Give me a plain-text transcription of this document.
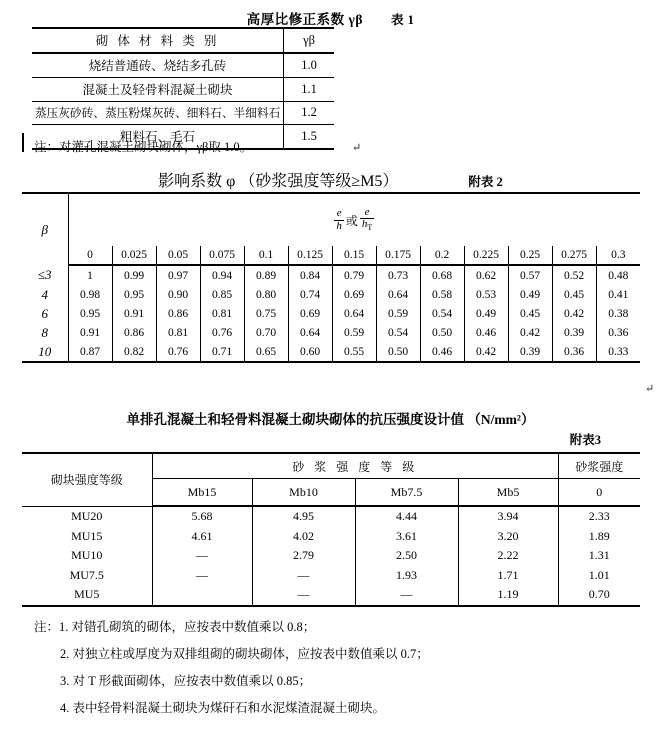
高厚比修正系数 γβ 表 1
砌 体 材 料 类 别	γβ
烧结普通砖、烧结多孔砖	1.0
混凝土及轻骨料混凝土砌块	1.1
蒸压灰砂砖、蒸压粉煤灰砖、细料石、半细料石	1.2
粗料石、毛石	1.5
注：对灌孔混凝土砌块砌体，γβ取 1.0。	↵
影响系数 φ （砂浆强度等级≥M5）	附表 2
β	$\frac{e}{h}$ 或 $\frac{e}{h_T}$

	0	0.025	0.05	0.075	0.1	0.125	0.15	0.175	0.2	0.225	0.25	0.275	0.3
≤3	1	0.99	0.97	0.94	0.89	0.84	0.79	0.73	0.68	0.62	0.57	0.52	0.48
4	0.98	0.95	0.90	0.85	0.80	0.74	0.69	0.64	0.58	0.53	0.49	0.45	0.41
6	0.95	0.91	0.86	0.81	0.75	0.69	0.64	0.59	0.54	0.49	0.45	0.42	0.38
8	0.91	0.86	0.81	0.76	0.70	0.64	0.59	0.54	0.50	0.46	0.42	0.39	0.36
10	0.87	0.82	0.76	0.71	0.65	0.60	0.55	0.50	0.46	0.42	0.39	0.36	0.33
↵
单排孔混凝土和轻骨料混凝土砌块砌体的抗压强度设计值 （N/mm²）
附表3
砌块强度等级	砂 浆 强 度 等 级				砂浆强度
	Mb15	Mb10	Mb7.5	Mb5	0
MU20	5.68	4.95	4.44	3.94	2.33
MU15	4.61	4.02	3.61	3.20	1.89
MU10	—	2.79	2.50	2.22	1.31
MU7.5	—	—	1.93	1.71	1.01
MU5		—	—	1.19	0.70
注： 1. 对错孔砌筑的砌体，应按表中数值乘以 0.8；
2. 对独立柱或厚度为双排组砌的砌块砌体，应按表中数值乘以 0.7；
3. 对 T 形截面砌体，应按表中数值乘以 0.85；
4. 表中轻骨料混凝土砌块为煤矸石和水泥煤渣混凝土砌块。
